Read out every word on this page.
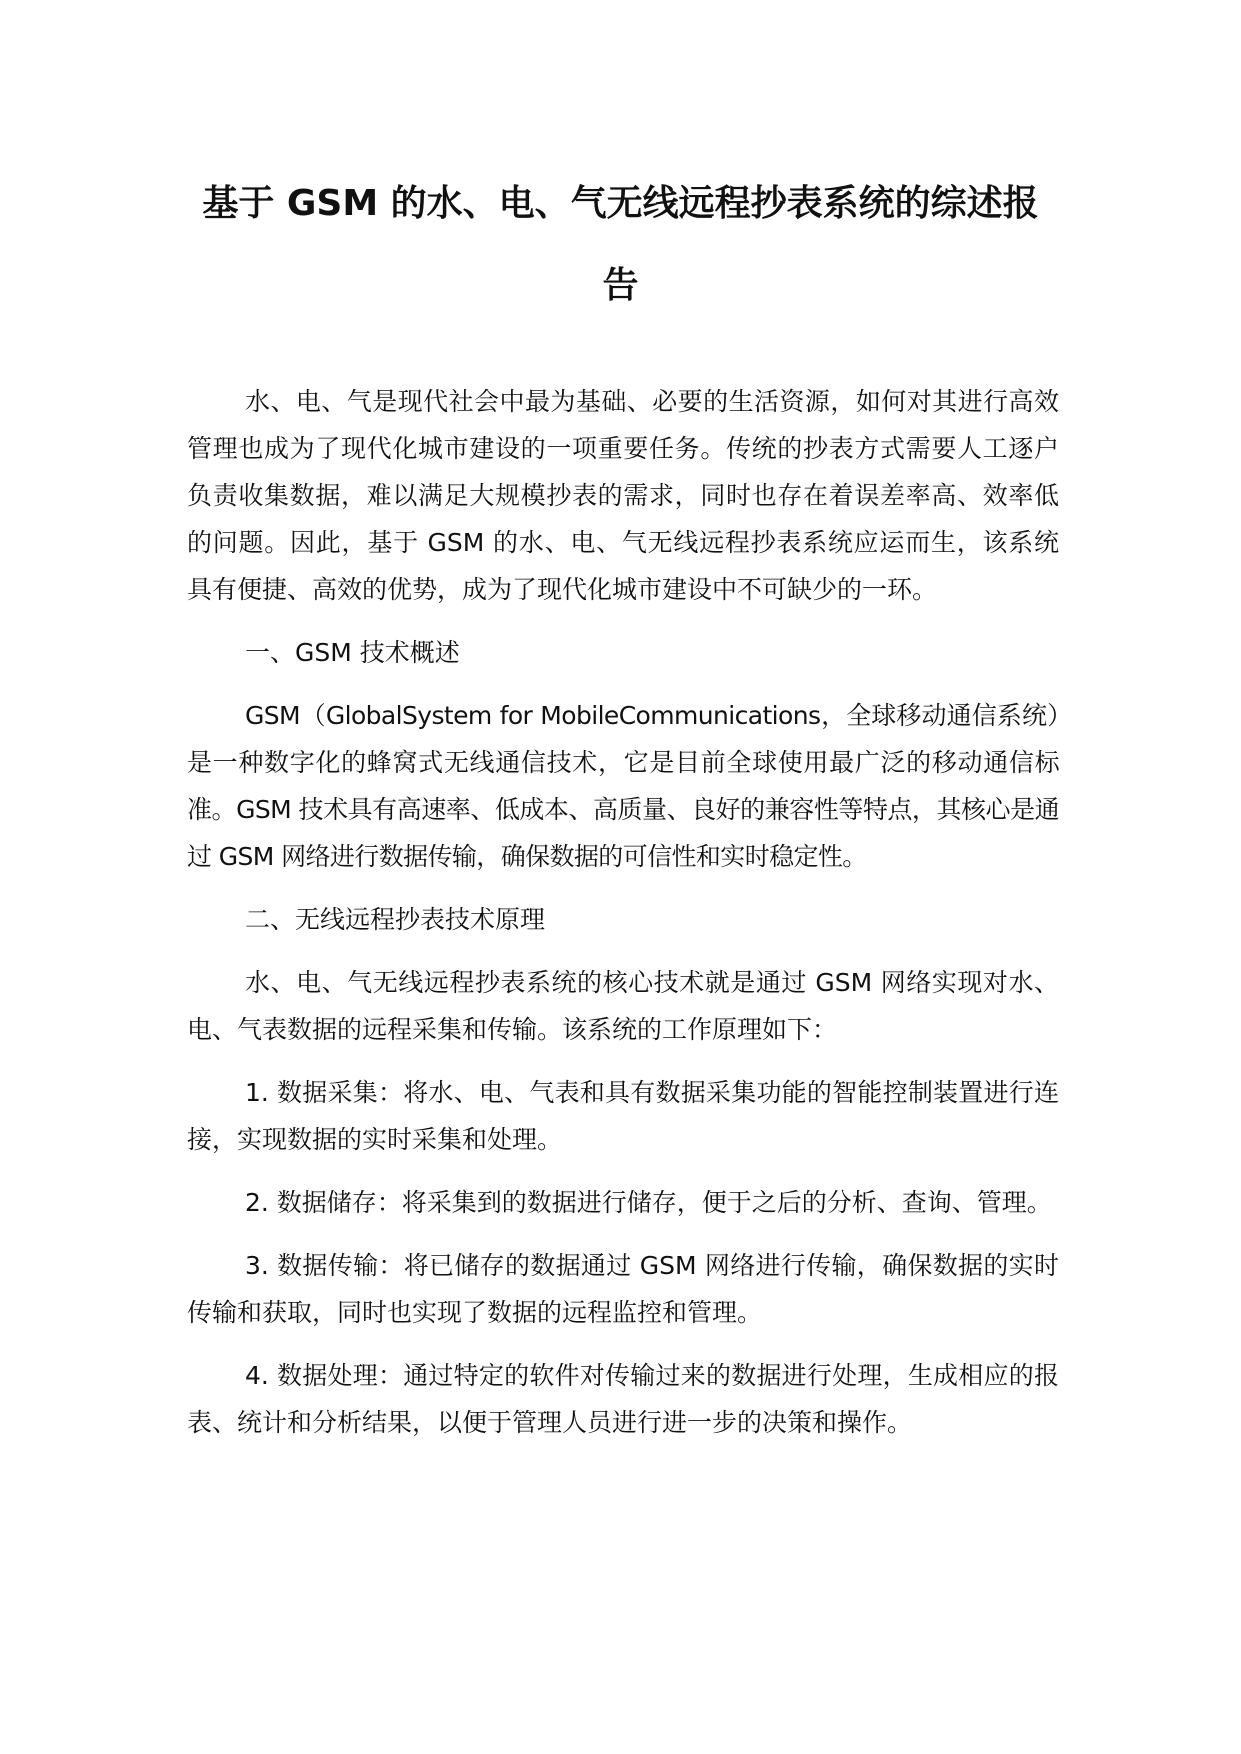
基于 GSM 的水、电、气无线远程抄表系统的综述报
告

水、电、气是现代社会中最为基础、必要的生活资源，如何对其进行高效管理也成为了现代化城市建设的一项重要任务。传统的抄表方式需要人工逐户负责收集数据，难以满足大规模抄表的需求，同时也存在着误差率高、效率低的问题。因此，基于 GSM 的水、电、气无线远程抄表系统应运而生，该系统具有便捷、高效的优势，成为了现代化城市建设中不可缺少的一环。

一、GSM 技术概述

GSM（GlobalSystem for MobileCommunications，全球移动通信系统）是一种数字化的蜂窝式无线通信技术，它是目前全球使用最广泛的移动通信标准。GSM 技术具有高速率、低成本、高质量、良好的兼容性等特点，其核心是通过 GSM 网络进行数据传输，确保数据的可信性和实时稳定性。

二、无线远程抄表技术原理

水、电、气无线远程抄表系统的核心技术就是通过 GSM 网络实现对水、电、气表数据的远程采集和传输。该系统的工作原理如下：

1. 数据采集：将水、电、气表和具有数据采集功能的智能控制装置进行连接，实现数据的实时采集和处理。

2. 数据储存：将采集到的数据进行储存，便于之后的分析、查询、管理。

3. 数据传输：将已储存的数据通过 GSM 网络进行传输，确保数据的实时传输和获取，同时也实现了数据的远程监控和管理。

4. 数据处理：通过特定的软件对传输过来的数据进行处理，生成相应的报表、统计和分析结果，以便于管理人员进行进一步的决策和操作。
